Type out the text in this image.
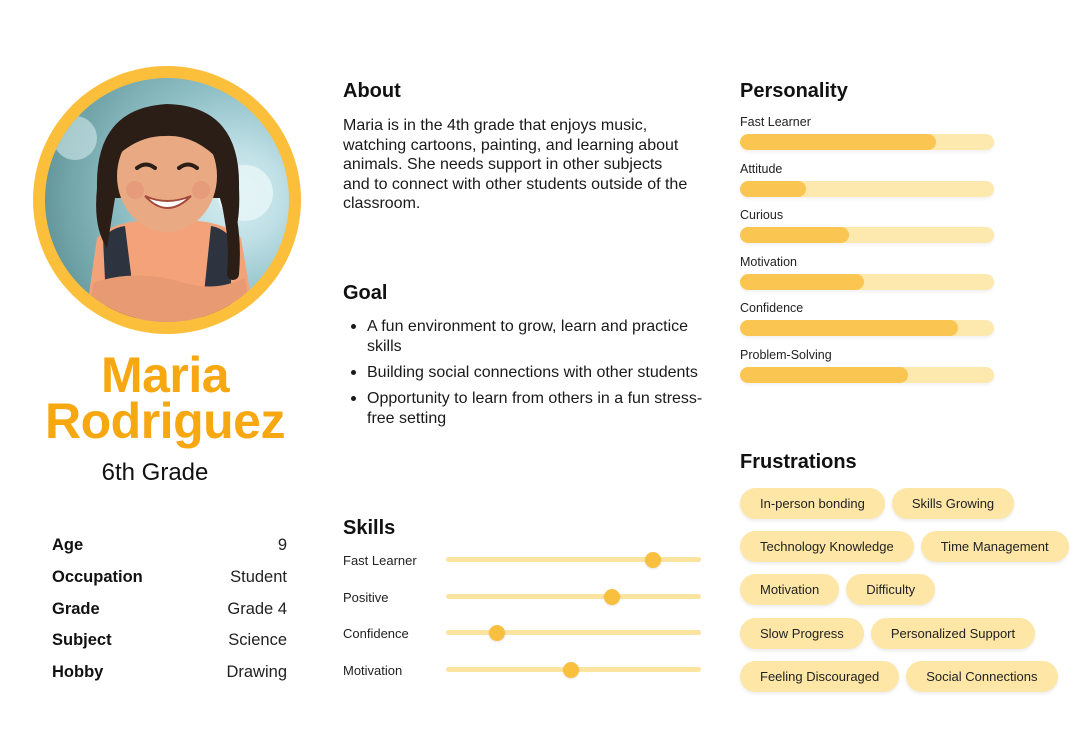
Maria
Rodriguez
6th Grade
Age	9
Occupation	Student
Grade	Grade 4
Subject	Science
Hobby	Drawing
About
Maria is in the 4th grade that enjoys music, watching cartoons, painting, and learning about animals. She needs support in other subjects and to connect with other students outside of the classroom.
Goal
A fun environment to grow, learn and practice skills
Building social connections with other students
Opportunity to learn from others in a fun stress-free setting
Skills
Fast Learner
Positive
Confidence
Motivation
Personality
Fast Learner
Attitude
Curious
Motivation
Confidence
Problem-Solving
Frustrations
In-person bonding	Skills Growing
Technology Knowledge	Time Management
Motivation	Difficulty
Slow Progress	Personalized Support
Feeling Discouraged	Social Connections
